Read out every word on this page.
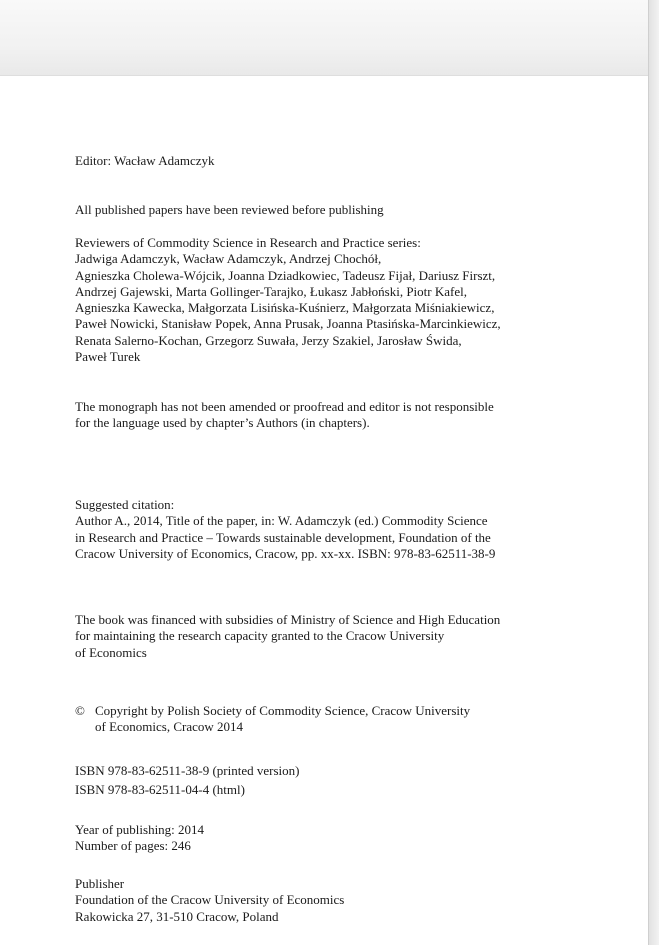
Editor: Wacław Adamczyk
All published papers have been reviewed before publishing
Reviewers of Commodity Science in Research and Practice series:
Jadwiga Adamczyk, Wacław Adamczyk, Andrzej Chochół,
Agnieszka Cholewa-Wójcik, Joanna Dziadkowiec, Tadeusz Fijał, Dariusz Firszt,
Andrzej Gajewski, Marta Gollinger-Tarajko, Łukasz Jabłoński, Piotr Kafel,
Agnieszka Kawecka, Małgorzata Lisińska-Kuśnierz, Małgorzata Miśniakiewicz,
Paweł Nowicki, Stanisław Popek, Anna Prusak, Joanna Ptasińska-Marcinkiewicz,
Renata Salerno-Kochan, Grzegorz Suwała, Jerzy Szakiel, Jarosław Świda,
Paweł Turek
The monograph has not been amended or proofread and editor is not responsible
for the language used by chapter’s Authors (in chapters).
Suggested citation:
Author A., 2014, Title of the paper, in: W. Adamczyk (ed.) Commodity Science
in Research and Practice – Towards sustainable development, Foundation of the
Cracow University of Economics, Cracow, pp. xx-xx. ISBN: 978-83-62511-38-9
The book was financed with subsidies of Ministry of Science and High Education
for maintaining the research capacity granted to the Cracow University
of Economics
© Copyright by Polish Society of Commodity Science, Cracow University
of Economics, Cracow 2014
ISBN 978-83-62511-38-9 (printed version)
ISBN 978-83-62511-04-4 (html)
Year of publishing: 2014
Number of pages: 246
Publisher
Foundation of the Cracow University of Economics
Rakowicka 27, 31-510 Cracow, Poland
